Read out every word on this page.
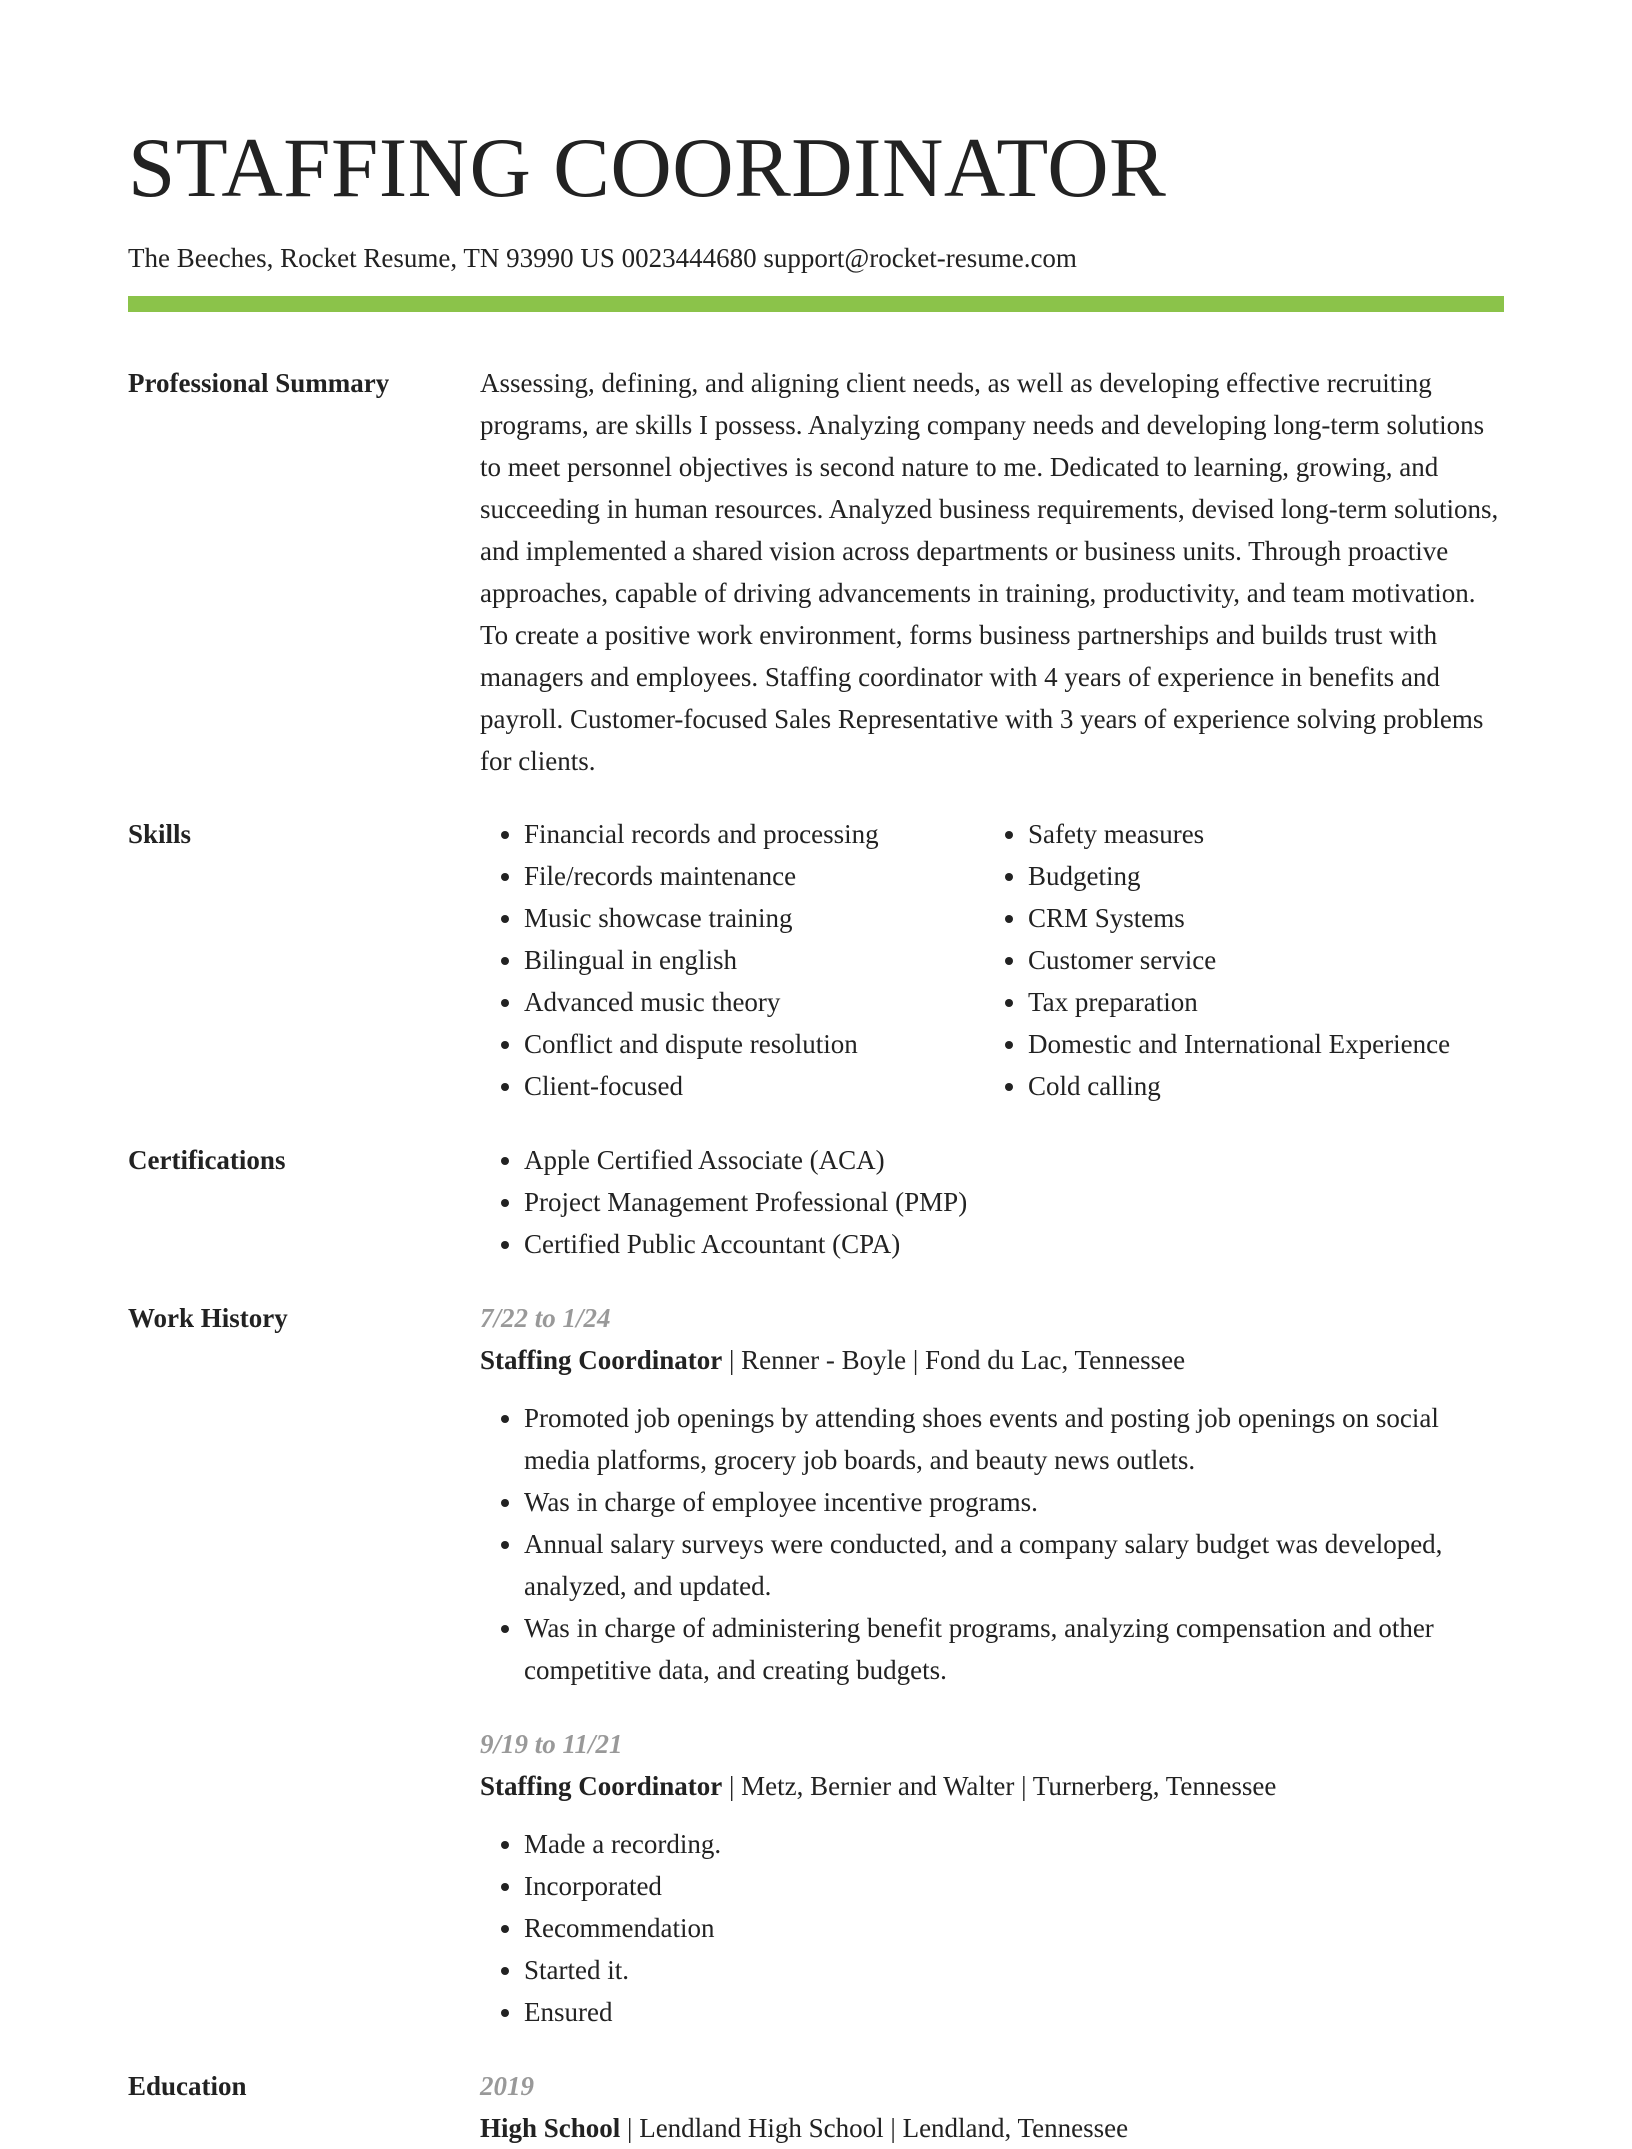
STAFFING COORDINATOR
The Beeches, Rocket Resume, TN 93990 US 0023444680 support@rocket-resume.com
Professional Summary	Assessing, defining, and aligning client needs, as well as developing effective recruiting programs, are skills I possess. Analyzing company needs and developing long-term solutions to meet personnel objectives is second nature to me. Dedicated to learning, growing, and succeeding in human resources. Analyzed business requirements, devised long-term solutions, and implemented a shared vision across departments or business units. Through proactive approaches, capable of driving advancements in training, productivity, and team motivation. To create a positive work environment, forms business partnerships and builds trust with managers and employees. Staffing coordinator with 4 years of experience in benefits and payroll. Customer-focused Sales Representative with 3 years of experience solving problems for clients.
Skills	• Financial records and processing
• File/records maintenance
• Music showcase training
• Bilingual in english
• Advanced music theory
• Conflict and dispute resolution
• Client-focused
• Safety measures
• Budgeting
• CRM Systems
• Customer service
• Tax preparation
• Domestic and International Experience
• Cold calling
Certifications	• Apple Certified Associate (ACA)
• Project Management Professional (PMP)
• Certified Public Accountant (CPA)
Work History	7/22 to 1/24
Staffing Coordinator | Renner - Boyle | Fond du Lac, Tennessee
• Promoted job openings by attending shoes events and posting job openings on social media platforms, grocery job boards, and beauty news outlets.
• Was in charge of employee incentive programs.
• Annual salary surveys were conducted, and a company salary budget was developed, analyzed, and updated.
• Was in charge of administering benefit programs, analyzing compensation and other competitive data, and creating budgets.
9/19 to 11/21
Staffing Coordinator | Metz, Bernier and Walter | Turnerberg, Tennessee
• Made a recording.
• Incorporated
• Recommendation
• Started it.
• Ensured
Education	2019
High School | Lendland High School | Lendland, Tennessee
